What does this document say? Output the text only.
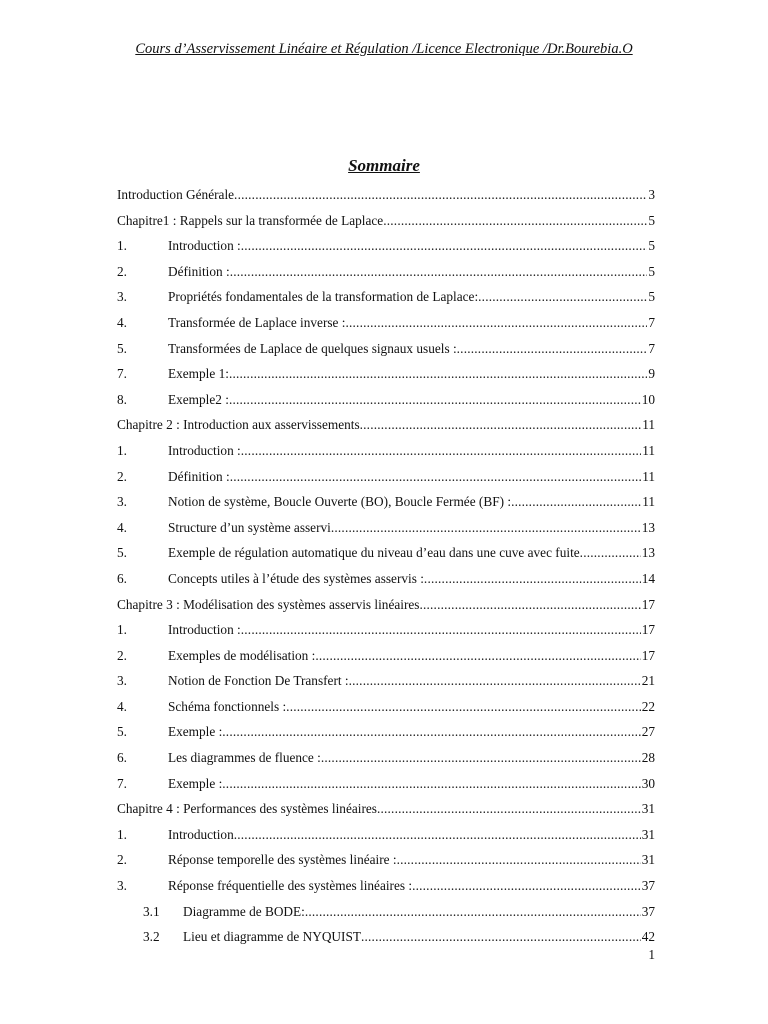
Cours d’Asservissement Linéaire et Régulation /Licence Electronique /Dr.Bourebia.O
Sommaire
Introduction Générale .....	3
Chapitre1 : Rappels sur la transformée de Laplace .....	5
1.	Introduction : .....	5
2.	Définition : .....	5
3.	Propriétés fondamentales de la transformation de Laplace: .....	5
4.	Transformée de Laplace inverse : .....	7
5.	Transformées de Laplace de quelques signaux usuels : .....	7
7.	Exemple 1: .....	9
8.	Exemple2 : .....	10
Chapitre 2 : Introduction aux asservissements .....	11
1.	Introduction : .....	11
2.	Définition : .....	11
3.	Notion de système, Boucle Ouverte (BO), Boucle Fermée (BF) : .....	11
4.	Structure d’un système asservi .....	13
5.	Exemple de régulation automatique du niveau d’eau dans une cuve avec fuite .....	13
6.	Concepts utiles à l’étude des systèmes asservis : .....	14
Chapitre 3 : Modélisation des systèmes asservis linéaires .....	17
1.	Introduction : .....	17
2.	Exemples de modélisation : .....	17
3.	Notion de Fonction De Transfert : .....	21
4.	Schéma fonctionnels : .....	22
5.	Exemple : .....	27
6.	Les diagrammes de fluence : .....	28
7.	Exemple : .....	30
Chapitre 4 : Performances des systèmes linéaires .....	31
1.	Introduction .....	31
2.	Réponse temporelle des systèmes linéaire : .....	31
3.	Réponse fréquentielle des systèmes linéaires : .....	37
3.1	Diagramme de BODE: .....	37
3.2	Lieu et diagramme de NYQUIST .....	42
1
